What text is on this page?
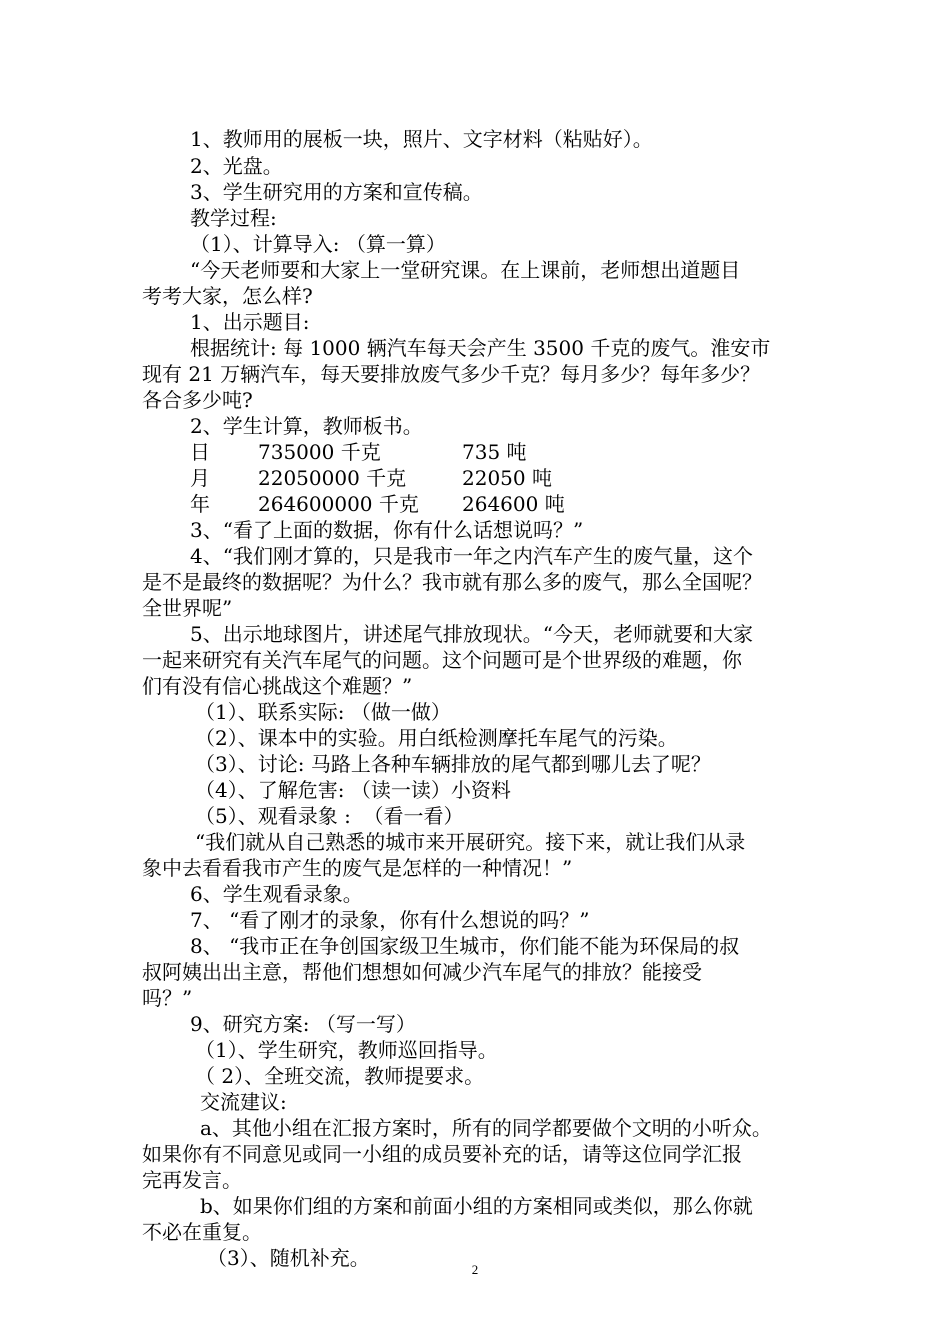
1、教师用的展板一块，照片、文字材料（粘贴好）。
2、光盘。
3、学生研究用的方案和宣传稿。
教学过程:
（1）、计算导入: （算一算）
“今天老师要和大家上一堂研究课。在上课前，老师想出道题目
考考大家，怎么样?
1、出示题目:
根据统计: 每 1000 辆汽车每天会产生 3500 千克的废气。淮安市
现有 21 万辆汽车，每天要排放废气多少千克？每月多少？每年多少？
各合多少吨?
2、学生计算，教师板书。
日 735000 千克	735 吨
月 22050000 千克	22050 吨
年 264600000 千克 264600 吨
3、“看了上面的数据，你有什么话想说吗？”
4、“我们刚才算的，只是我市一年之内汽车产生的废气量，这个
是不是最终的数据呢？为什么？我市就有那么多的废气，那么全国呢？
全世界呢”
5、出示地球图片，讲述尾气排放现状。“今天，老师就要和大家
一起来研究有关汽车尾气的问题。这个问题可是个世界级的难题，你
们有没有信心挑战这个难题？”
（1）、联系实际: （做一做）
（2）、课本中的实验。用白纸检测摩托车尾气的污染。
（3）、讨论: 马路上各种车辆排放的尾气都到哪儿去了呢？
（4）、了解危害: （读一读）小资料
（5）、观看录象 :  （看一看）
“我们就从自己熟悉的城市来开展研究。接下来，就让我们从录
象中去看看我市产生的废气是怎样的一种情况！”
6、学生观看录象。
7、 “看了刚才的录象，你有什么想说的吗？”
8、 “我市正在争创国家级卫生城市，你们能不能为环保局的叔
叔阿姨出出主意，帮他们想想如何减少汽车尾气的排放？能接受
吗？”
9、研究方案: （写一写）
（1）、学生研究，教师巡回指导。
（ 2）、全班交流，教师提要求。
交流建议:
a、其他小组在汇报方案时，所有的同学都要做个文明的小听众。
如果你有不同意见或同一小组的成员要补充的话，请等这位同学汇报
完再发言。
b、如果你们组的方案和前面小组的方案相同或类似，那么你就
不必在重复。
（3）、随机补充。	2
